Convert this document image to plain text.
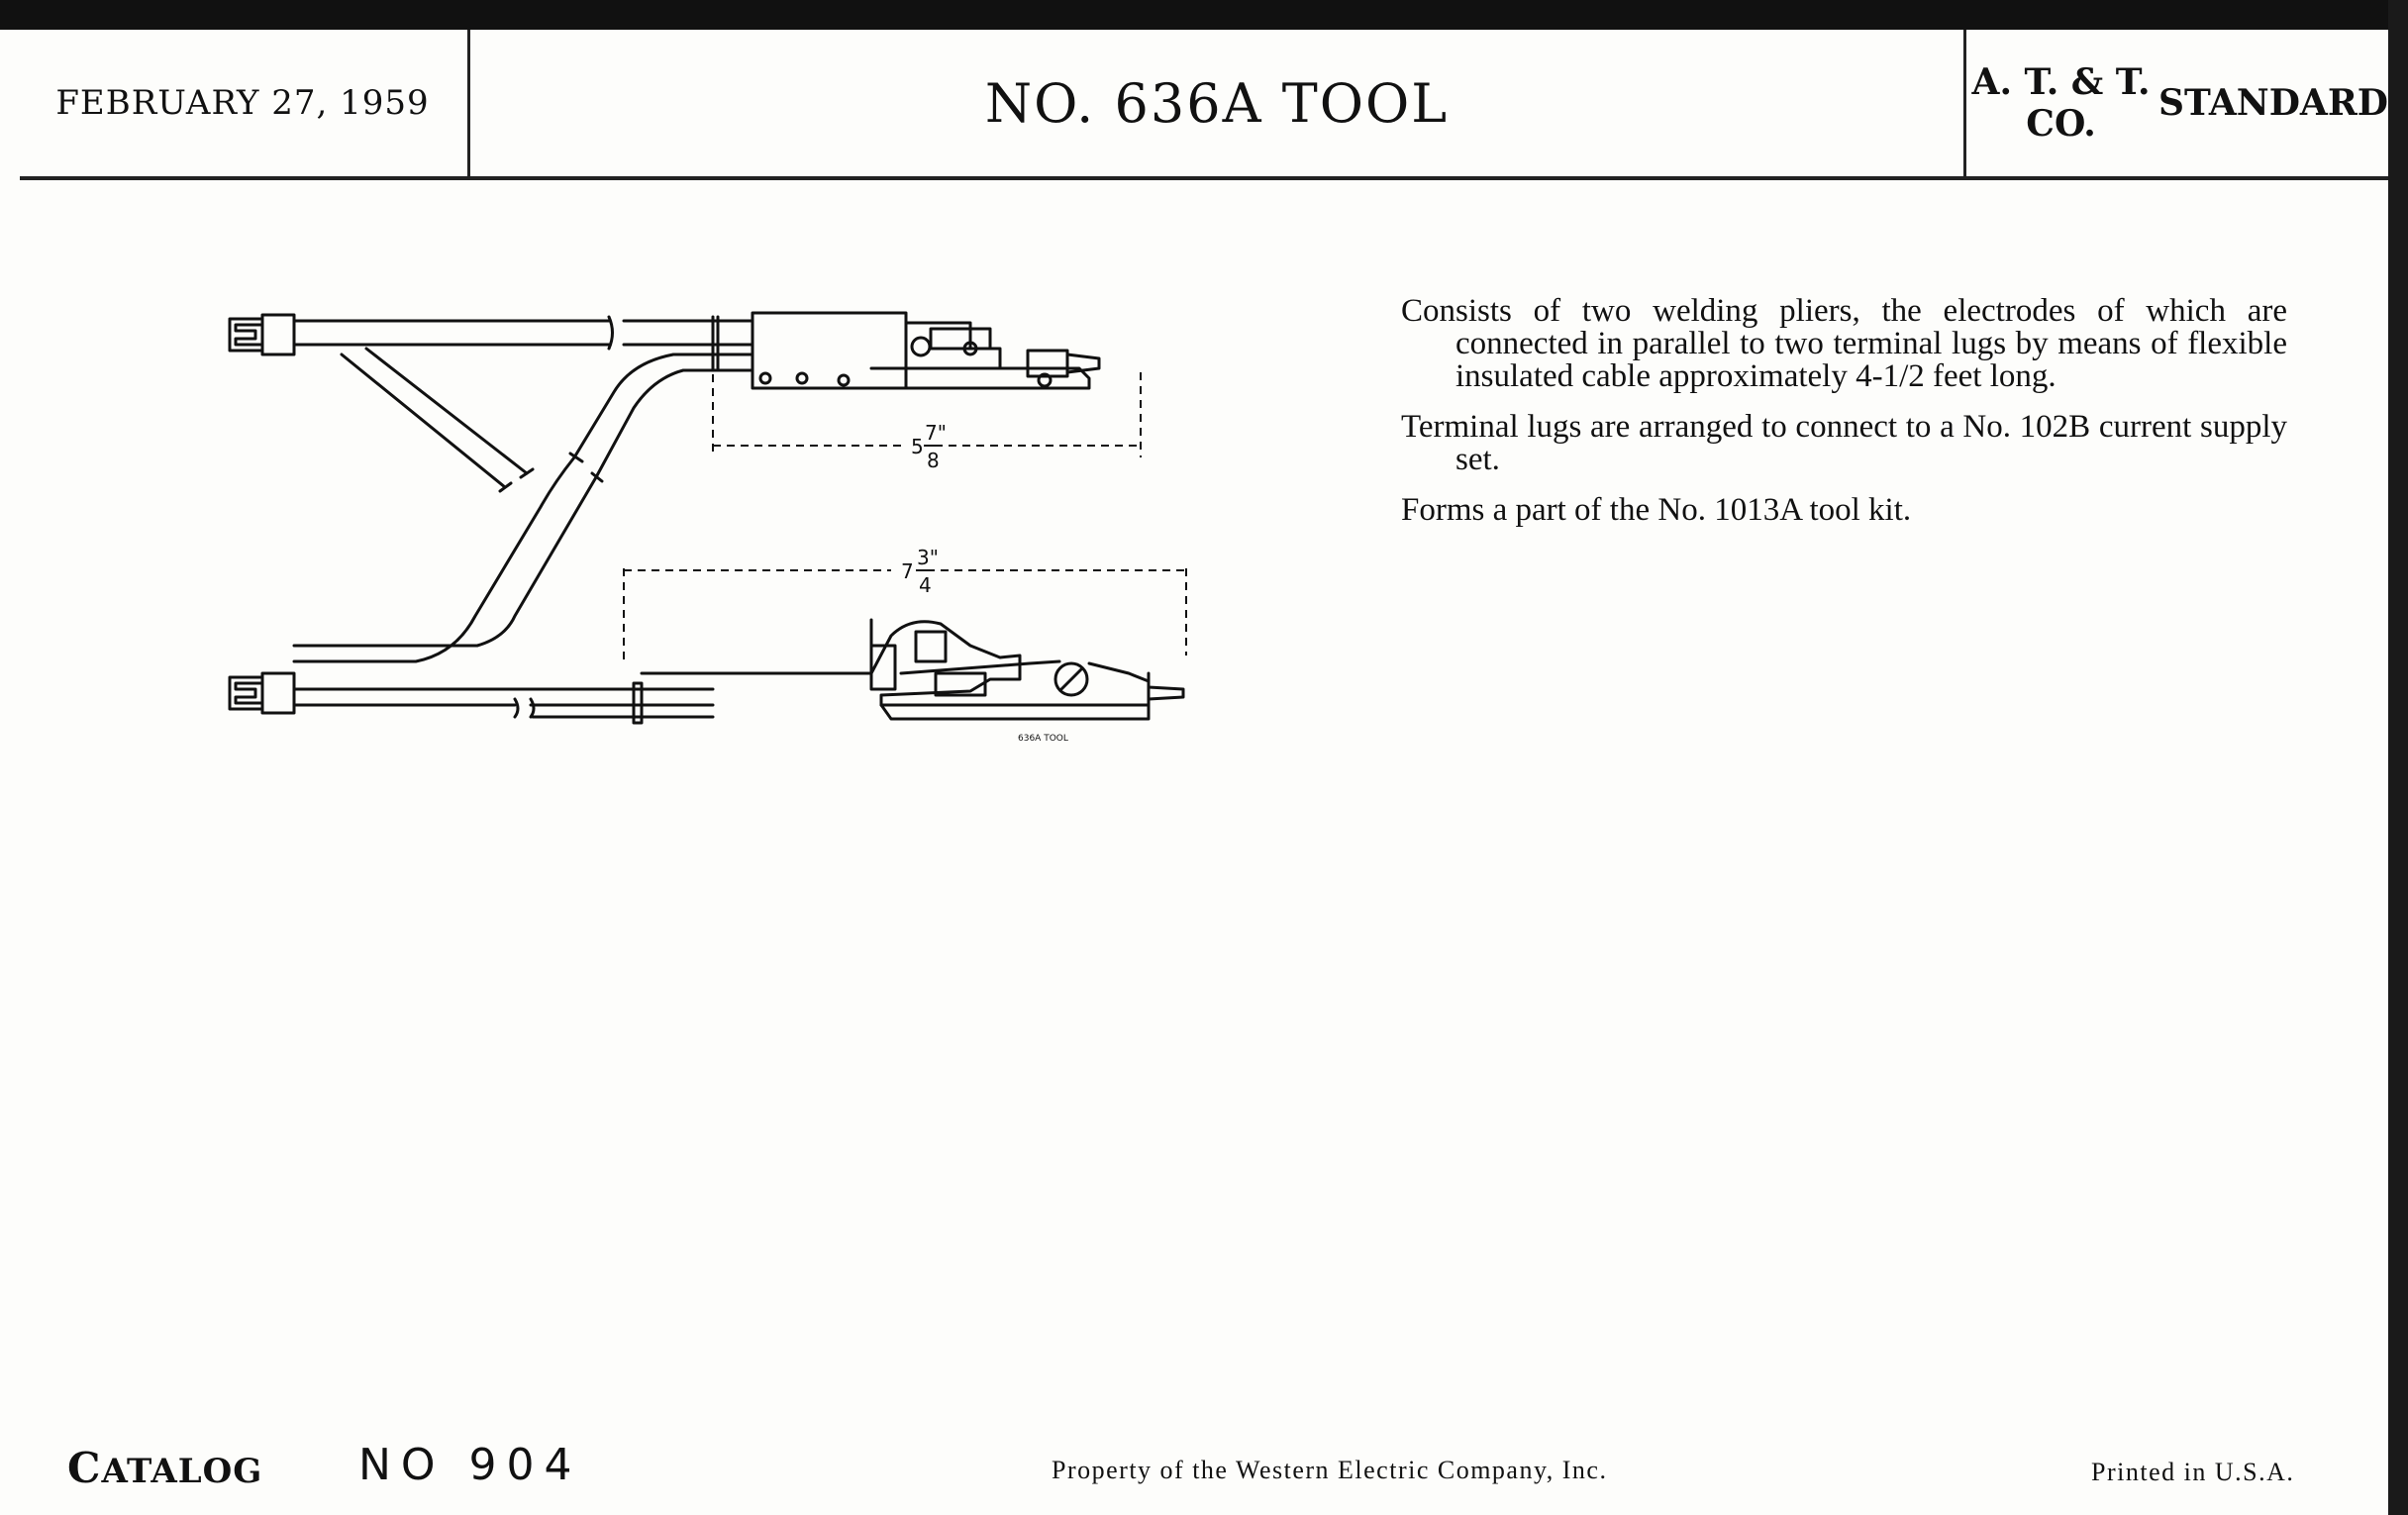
FEBRUARY 27, 1959	NO. 636A TOOL	A. T. & T. CO.	STANDARD
5
7"
8
7
3"
4
636A TOOL

Consists of two welding pliers, the electrodes of which are connected in parallel to two terminal lugs by means of flexible insulated cable approximately 4-1/2 feet long.

Terminal lugs are arranged to connect to a No. 102B current supply set.

Forms a part of the No. 1013A tool kit.

CATALOG NO 904	Property of the Western Electric Company, Inc.	Printed in U.S.A.
